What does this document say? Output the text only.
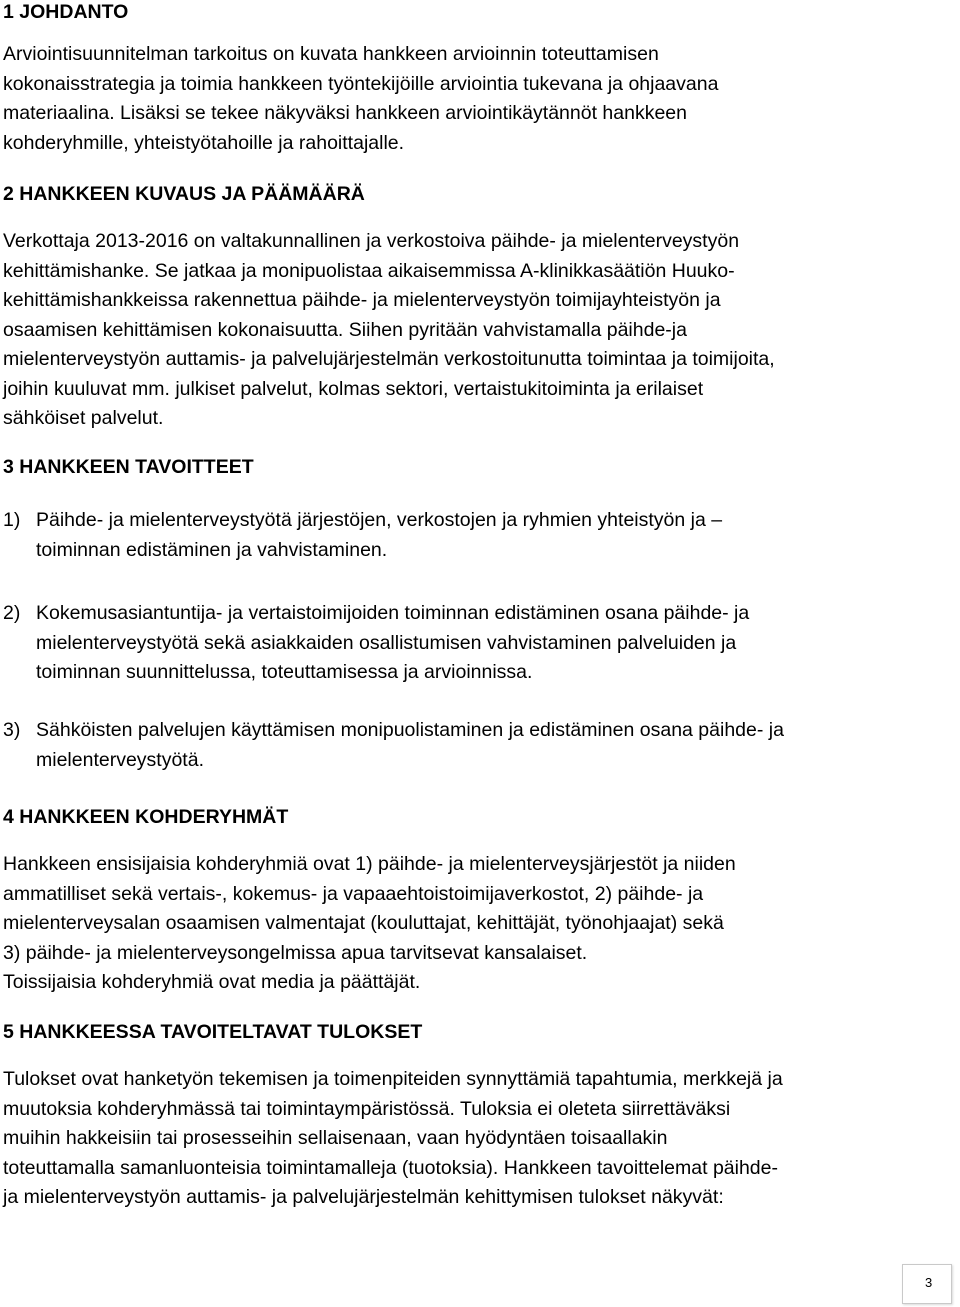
1 JOHDANTO
Arviointisuunnitelman tarkoitus on kuvata hankkeen arvioinnin toteuttamisen
kokonaisstrategia ja toimia hankkeen työntekijöille arviointia tukevana ja ohjaavana
materiaalina. Lisäksi se tekee näkyväksi hankkeen arviointikäytännöt hankkeen
kohderyhmille, yhteistyötahoille ja rahoittajalle.
2 HANKKEEN KUVAUS JA PÄÄMÄÄRÄ
Verkottaja 2013-2016 on valtakunnallinen ja verkostoiva päihde- ja mielenterveystyön
kehittämishanke. Se jatkaa ja monipuolistaa aikaisemmissa A-klinikkasäätiön Huuko-
kehittämishankkeissa rakennettua päihde- ja mielenterveystyön toimijayhteistyön ja
osaamisen kehittämisen kokonaisuutta. Siihen pyritään vahvistamalla päihde-ja
mielenterveystyön auttamis- ja palvelujärjestelmän verkostoitunutta toimintaa ja toimijoita,
joihin kuuluvat mm. julkiset palvelut, kolmas sektori, vertaistukitoiminta ja erilaiset
sähköiset palvelut.
3 HANKKEEN TAVOITTEET
1) Päihde- ja mielenterveystyötä järjestöjen, verkostojen ja ryhmien yhteistyön ja –
toiminnan edistäminen ja vahvistaminen.
2) Kokemusasiantuntija- ja vertaistoimijoiden toiminnan edistäminen osana päihde- ja
mielenterveystyötä sekä asiakkaiden osallistumisen vahvistaminen palveluiden ja
toiminnan suunnittelussa, toteuttamisessa ja arvioinnissa.
3) Sähköisten palvelujen käyttämisen monipuolistaminen ja edistäminen osana päihde- ja
mielenterveystyötä.
4 HANKKEEN KOHDERYHMÄT
Hankkeen ensisijaisia kohderyhmiä ovat 1) päihde- ja mielenterveysjärjestöt ja niiden
ammatilliset sekä vertais-, kokemus- ja vapaaehtoistoimijaverkostot, 2) päihde- ja
mielenterveysalan osaamisen valmentajat (kouluttajat, kehittäjät, työnohjaajat) sekä
3) päihde- ja mielenterveysongelmissa apua tarvitsevat kansalaiset.
Toissijaisia kohderyhmiä ovat media ja päättäjät.
5 HANKKEESSA TAVOITELTAVAT TULOKSET
Tulokset ovat hanketyön tekemisen ja toimenpiteiden synnyttämiä tapahtumia, merkkejä ja
muutoksia kohderyhmässä tai toimintaympäristössä. Tuloksia ei oleteta siirrettäväksi
muihin hakkeisiin tai prosesseihin sellaisenaan, vaan hyödyntäen toisaallakin
toteuttamalla samanluonteisia toimintamalleja (tuotoksia). Hankkeen tavoittelemat päihde-
ja mielenterveystyön auttamis- ja palvelujärjestelmän kehittymisen tulokset näkyvät:
3
